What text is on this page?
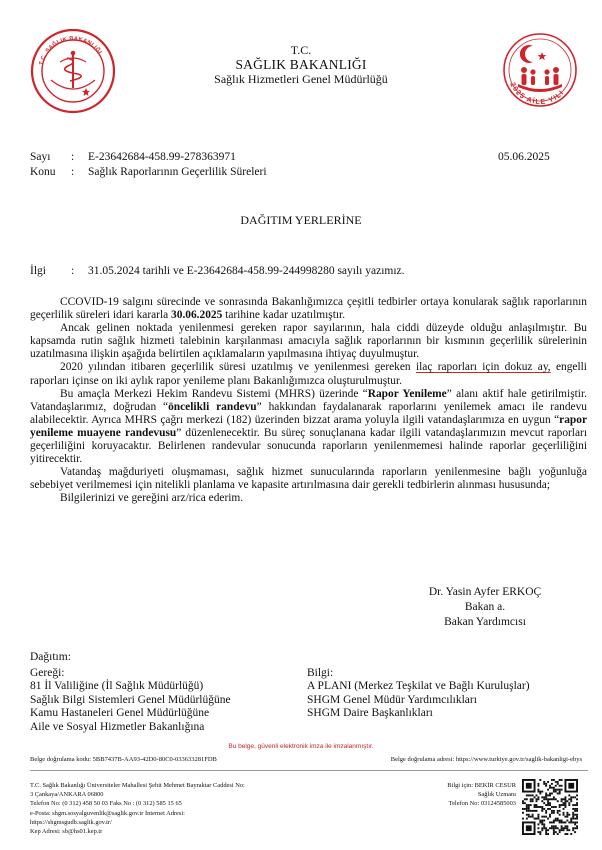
T.C. SAĞLIK BAKANLIĞI
2025 AİLE YILI
T.C.
SAĞLIK BAKANLIĞI
Sağlık Hizmetleri Genel Müdürlüğü
Sayı	:	E-23642684-458.99-278363971	05.06.2025
Konu	:	Sağlık Raporlarının Geçerlilik Süreleri
DAĞITIM YERLERİNE
İlgi	:	31.05.2024 tarihli ve E-23642684-458.99-244998280 sayılı yazımız.

CCOVID-19 salgını sürecinde ve sonrasında Bakanlığımızca çeşitli tedbirler ortaya konularak sağlık raporlarının geçerlilik süreleri idari kararla 30.06.2025 tarihine kadar uzatılmıştır.

Ancak gelinen noktada yenilenmesi gereken rapor sayılarının, hala ciddi düzeyde olduğu anlaşılmıştır. Bu kapsamda rutin sağlık hizmeti talebinin karşılanması amacıyla sağlık raporlarının bir kısmının geçerlilik sürelerinin uzatılmasına ilişkin aşağıda belirtilen açıklamaların yapılmasına ihtiyaç duyulmuştur.

2020 yılından itibaren geçerlilik süresi uzatılmış ve yenilenmesi gereken ilaç raporları için dokuz ay, engelli raporları içinse on iki aylık rapor yenileme planı Bakanlığımızca oluşturulmuştur.

Bu amaçla Merkezi Hekim Randevu Sistemi (MHRS) üzerinde “Rapor Yenileme” alanı aktif hale getirilmiştir. Vatandaşlarımız, doğrudan “öncelikli randevu” hakkından faydalanarak raporlarını yenilemek amacı ile randevu alabilecektir. Ayrıca MHRS çağrı merkezi (182) üzerinden bizzat arama yoluyla ilgili vatandaşlarımıza en uygun “rapor yenileme muayene randevusu” düzenlenecektir. Bu süreç sonuçlanana kadar ilgili vatandaşlarımızın mevcut raporları geçerliliğini koruyacaktır. Belirlenen randevular sonucunda raporların yenilenmemesi halinde raporlar geçerliliğini yitirecektir.

Vatandaş mağduriyeti oluşmaması, sağlık hizmet sunucularında raporların yenilenmesine bağlı yoğunluğa sebebiyet verilmemesi için nitelikli planlama ve kapasite artırılmasına dair gerekli tedbirlerin alınması hususunda;

Bilgilerinizi ve gereğini arz/rica ederim.

Dr. Yasin Ayfer ERKOÇ
Bakan a.
Bakan Yardımcısı
Dağıtım:
Gereği:
81 İl Valiliğine (İl Sağlık Müdürlüğü)
Sağlık Bilgi Sistemleri Genel Müdürlüğüne
Kamu Hastaneleri Genel Müdürlüğüne
Aile ve Sosyal Hizmetler Bakanlığına
Bilgi:
A PLANI (Merkez Teşkilat ve Bağlı Kuruluşlar)
SHGM Genel Müdür Yardımcılıkları
SHGM Daire Başkanlıkları
Bu belge, güvenli elektronik imza ile imzalanmıştır.
Belge doğrulama kodu: 5BB7437B-AA93-42D0-80C0-033633281FDB	Belge doğrulama adresi: https://www.turkiye.gov.tr/saglik-bakanligi-ebys
T.C. Sağlık Bakanlığı Üniversiteler Mahallesi Şehit Mehmet Bayraktar Caddesi No:
3 Çankaya/ANKARA 06800
Telefon No: (0 312) 458 50 03 Faks No : (0 312) 585 15 65
e-Posta: shgm.sosyalguvenlik@saglik.gov.tr İnternet Adresi:
https://shgmsgudb.saglik.gov.tr/
Kep Adresi: sb@hs01.kep.tr
Bilgi için: BEKİR CESUR
Sağlık Uzmanı
Telefon No: 03124585003
